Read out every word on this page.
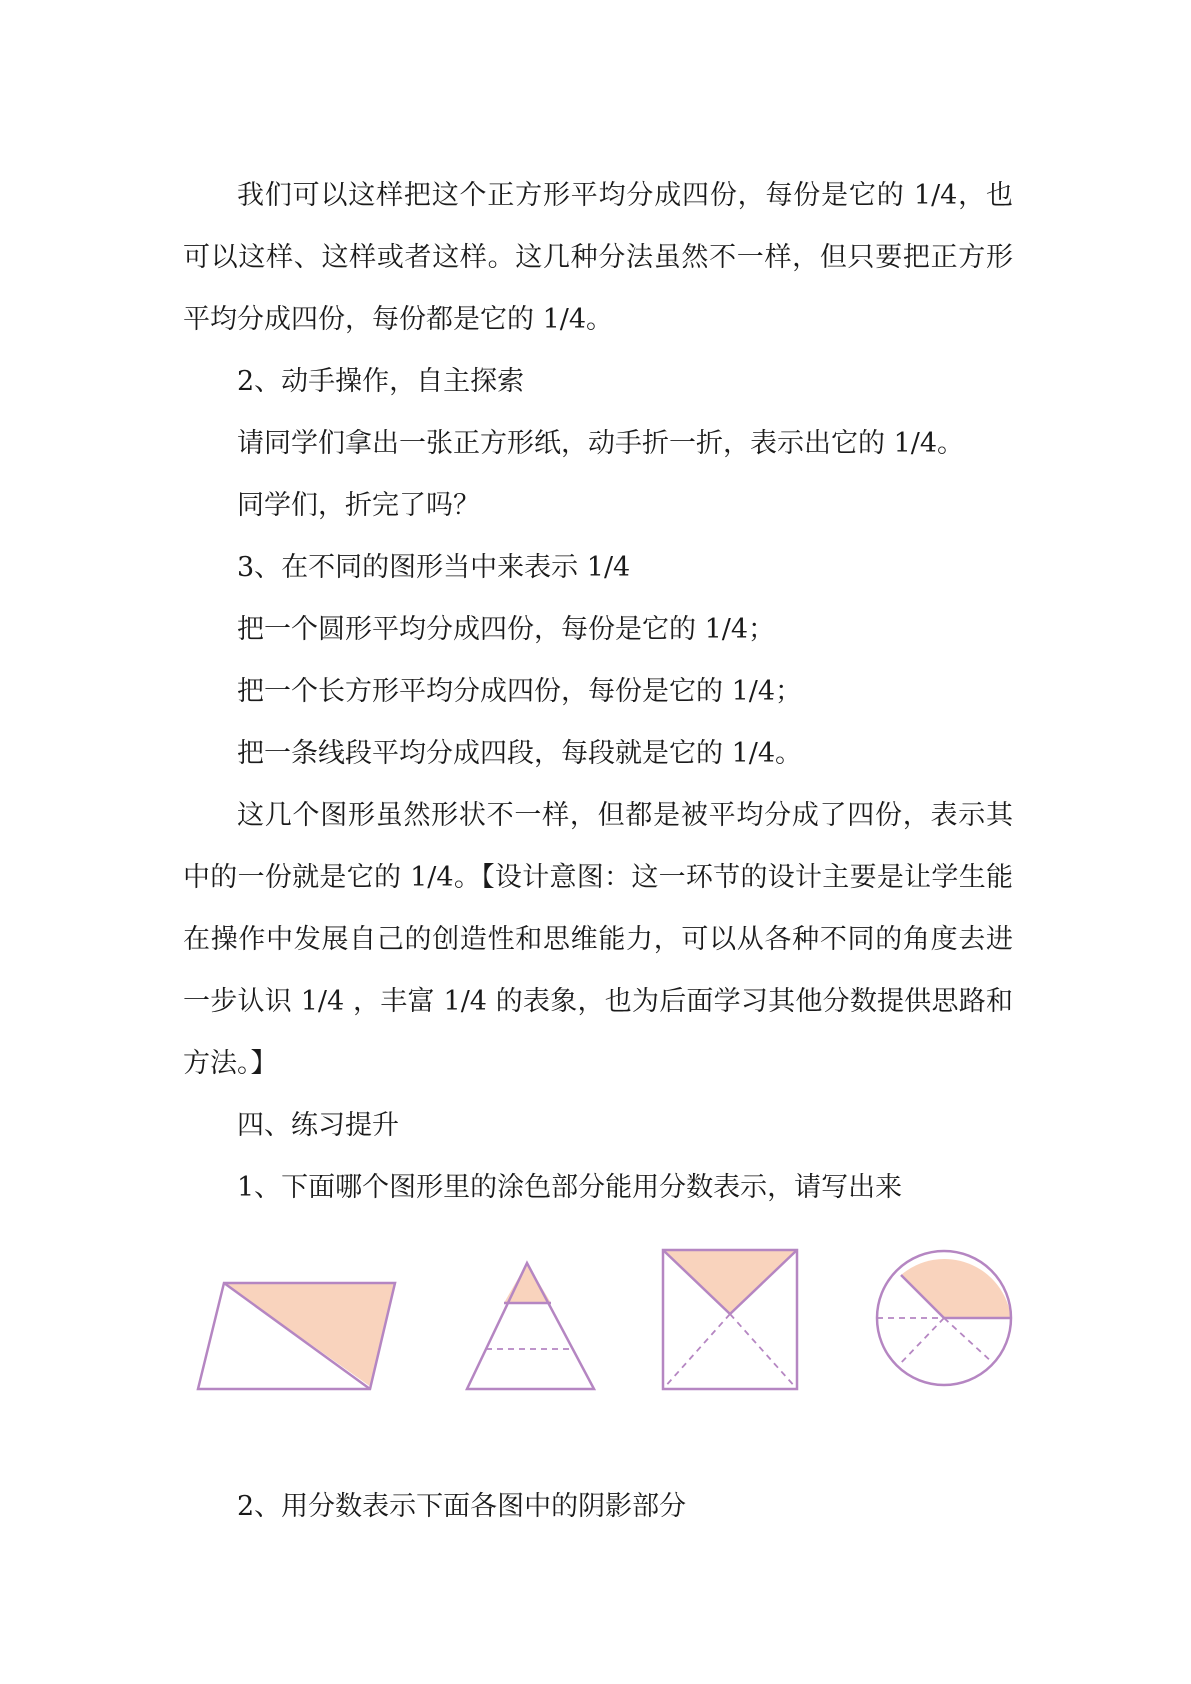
我们可以这样把这个正方形平均分成四份，每份是它的 1/4，也可以这样、这样或者这样。这几种分法虽然不一样，但只要把正方形平均分成四份，每份都是它的 1/4。

2、动手操作，自主探索

请同学们拿出一张正方形纸，动手折一折，表示出它的 1/4。

同学们，折完了吗？

3、在不同的图形当中来表示 1/4

把一个圆形平均分成四份，每份是它的 1/4；

把一个长方形平均分成四份，每份是它的 1/4；

把一条线段平均分成四段，每段就是它的 1/4。

这几个图形虽然形状不一样，但都是被平均分成了四份，表示其中的一份就是它的 1/4。【设计意图：这一环节的设计主要是让学生能在操作中发展自己的创造性和思维能力，可以从各种不同的角度去进一步认识 1/4 ，丰富 1/4 的表象，也为后面学习其他分数提供思路和方法。】

四、练习提升

1、下面哪个图形里的涂色部分能用分数表示，请写出来

2、用分数表示下面各图中的阴影部分
